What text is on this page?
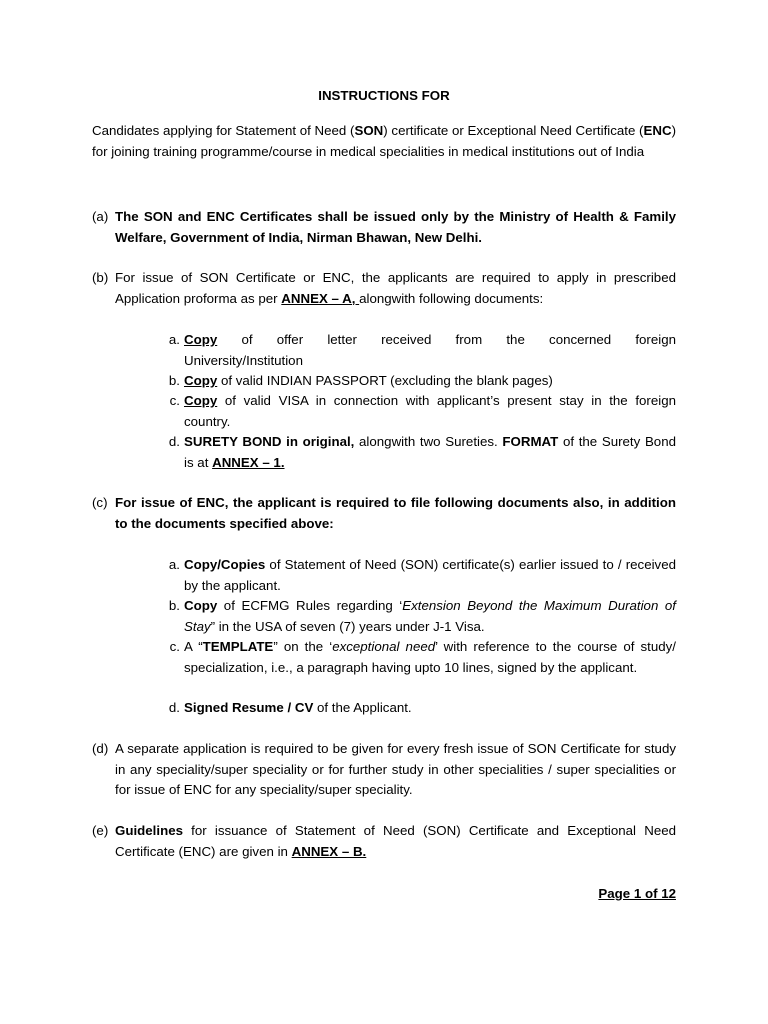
INSTRUCTIONS FOR
Candidates applying for Statement of Need (SON) certificate or Exceptional Need Certificate (ENC) for joining training programme/course in medical specialities in medical institutions out of India
(a) The SON and ENC Certificates shall be issued only by the Ministry of Health & Family Welfare, Government of India, Nirman Bhawan, New Delhi.
(b) For issue of SON Certificate or ENC, the applicants are required to apply in prescribed Application proforma as per ANNEX – A, alongwith following documents:
a. Copy of offer letter received from the concerned foreign
University/Institution
b. Copy of valid INDIAN PASSPORT (excluding the blank pages)
c. Copy of valid VISA in connection with applicant’s present stay in the foreign country.
d. SURETY BOND in original, alongwith two Sureties. FORMAT of the Surety Bond is at ANNEX – 1.
(c) For issue of ENC, the applicant is required to file following documents also, in addition to the documents specified above:
a. Copy/Copies of Statement of Need (SON) certificate(s) earlier issued to / received by the applicant.
b. Copy of ECFMG Rules regarding ‘Extension Beyond the Maximum Duration of Stay” in the USA of seven (7) years under J-1 Visa.
c. A “TEMPLATE” on the ‘exceptional need’ with reference to the course of study/ specialization, i.e., a paragraph having upto 10 lines, signed by the applicant.
d. Signed Resume / CV of the Applicant.
(d) A separate application is required to be given for every fresh issue of SON Certificate for study in any speciality/super speciality or for further study in other specialities / super specialities or for issue of ENC for any speciality/super speciality.
(e) Guidelines for issuance of Statement of Need (SON) Certificate and Exceptional Need Certificate (ENC) are given in ANNEX – B.
Page 1 of 12
